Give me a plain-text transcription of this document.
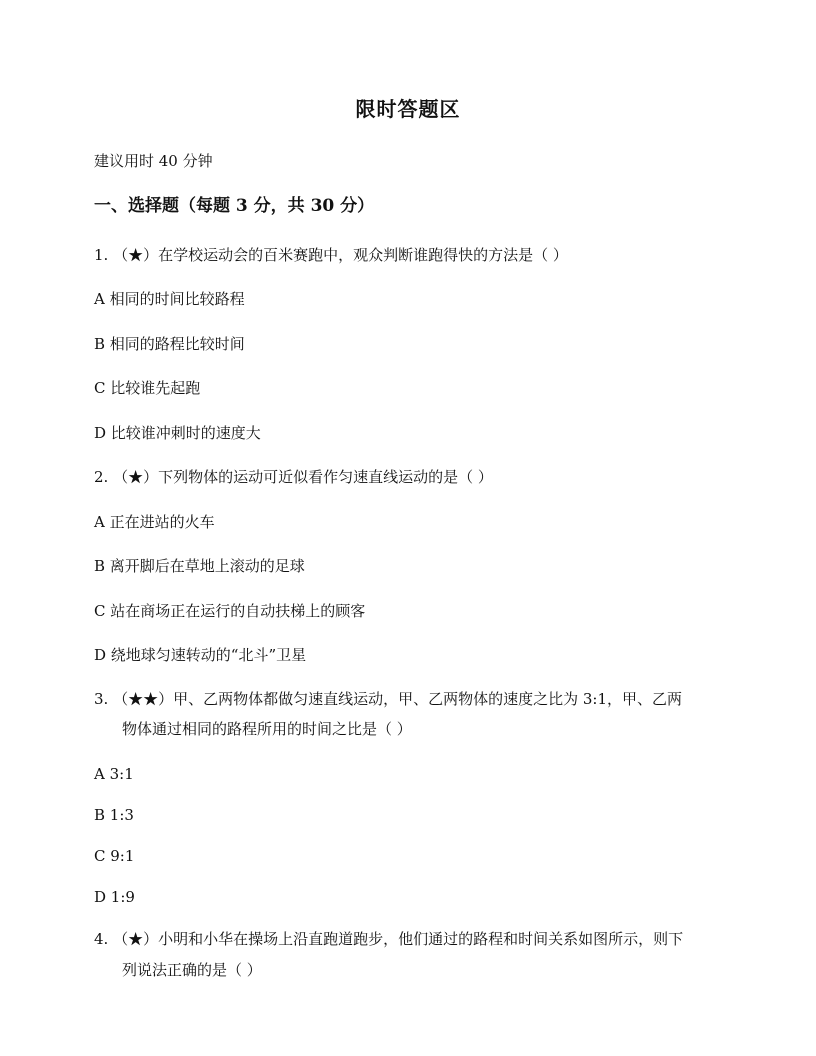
限时答题区
建议用时 40 分钟
一、选择题（每题 3 分，共 30 分）
1. （★）在学校运动会的百米赛跑中，观众判断谁跑得快的方法是（ ）
A 相同的时间比较路程
B 相同的路程比较时间
C 比较谁先起跑
D 比较谁冲刺时的速度大
2. （★）下列物体的运动可近似看作匀速直线运动的是（ ）
A 正在进站的火车
B 离开脚后在草地上滚动的足球
C 站在商场正在运行的自动扶梯上的顾客
D 绕地球匀速转动的“北斗”卫星
3. （★★）甲、乙两物体都做匀速直线运动，甲、乙两物体的速度之比为 3:1，甲、乙两
物体通过相同的路程所用的时间之比是（ ）
A 3:1
B 1:3
C 9:1
D 1:9
4. （★）小明和小华在操场上沿直跑道跑步，他们通过的路程和时间关系如图所示，则下
列说法正确的是（ ）
